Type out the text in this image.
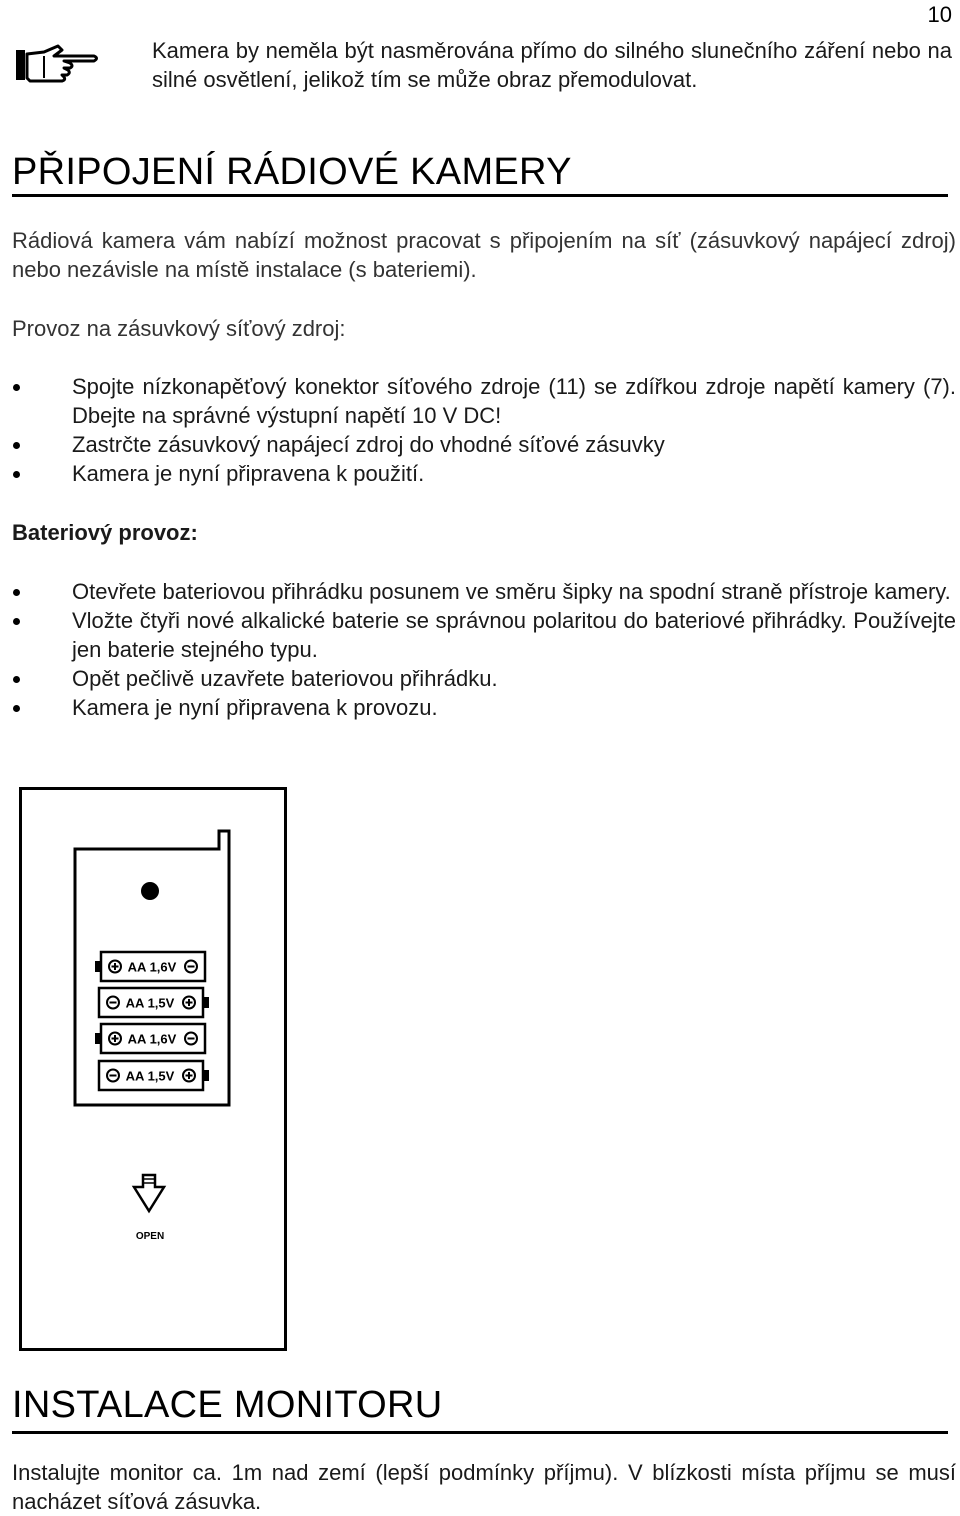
10
Kamera by neměla být nasměrována přímo do silného slunečního záření nebo na silné osvětlení, jelikož tím se může obraz přemodulovat.
PŘIPOJENÍ RÁDIOVÉ KAMERY
Rádiová kamera vám nabízí možnost pracovat s připojením na síť (zásuvkový napájecí zdroj) nebo nezávisle na místě instalace (s bateriemi).
Provoz na zásuvkový síťový zdroj:
Spojte nízkonapěťový konektor síťového zdroje (11) se zdířkou zdroje napětí kamery (7). Dbejte na správné výstupní napětí 10 V DC!
Zastrčte zásuvkový napájecí zdroj do vhodné síťové zásuvky
Kamera je nyní připravena k použití.
Bateriový provoz:
Otevřete bateriovou přihrádku posunem ve směru šipky na spodní straně přístroje kamery.
Vložte čtyři nové alkalické baterie se správnou polaritou do bateriové přihrádky. Používejte jen baterie stejného typu.
Opět pečlivě uzavřete bateriovou přihrádku.
Kamera je nyní připravena k provozu.
AA 1,6V
AA 1,5V
AA 1,6V
AA 1,5V
OPEN
INSTALACE MONITORU
Instalujte monitor ca. 1m nad zemí (lepší podmínky příjmu). V blízkosti místa příjmu se musí nacházet síťová zásuvka.
